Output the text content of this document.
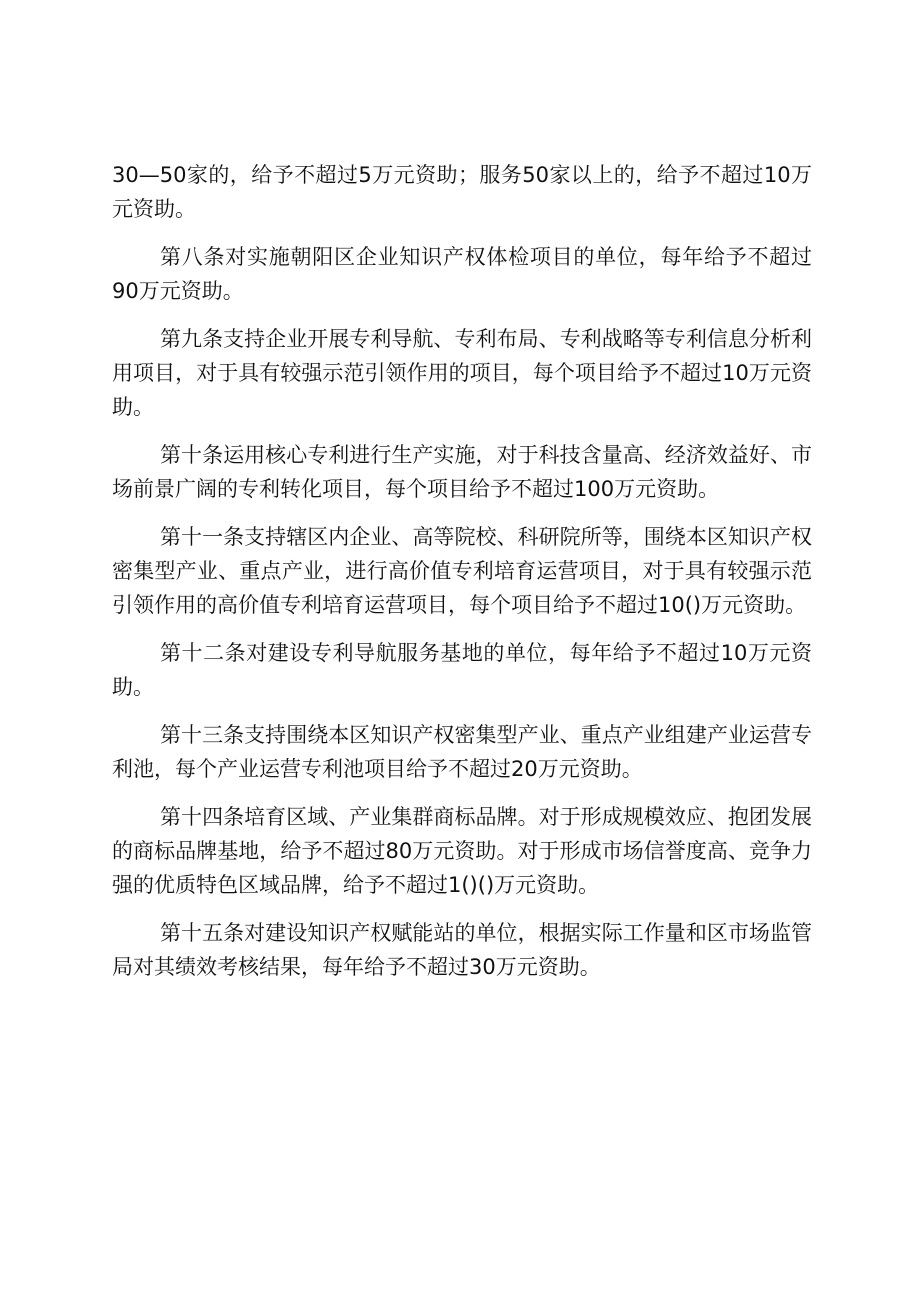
30—50家的，给予不超过5万元资助；服务50家以上的，给予不超过10万元资助。

第八条对实施朝阳区企业知识产权体检项目的单位，每年给予不超过90万元资助。

第九条支持企业开展专利导航、专利布局、专利战略等专利信息分析利用项目，对于具有较强示范引领作用的项目，每个项目给予不超过10万元资助。

第十条运用核心专利进行生产实施，对于科技含量高、经济效益好、市场前景广阔的专利转化项目，每个项目给予不超过100万元资助。

第十一条支持辖区内企业、高等院校、科研院所等，围绕本区知识产权密集型产业、重点产业，进行高价值专利培育运营项目，对于具有较强示范引领作用的高价值专利培育运营项目，每个项目给予不超过10()万元资助。

第十二条对建设专利导航服务基地的单位，每年给予不超过10万元资助。

第十三条支持围绕本区知识产权密集型产业、重点产业组建产业运营专利池，每个产业运营专利池项目给予不超过20万元资助。

第十四条培育区域、产业集群商标品牌。对于形成规模效应、抱团发展的商标品牌基地，给予不超过80万元资助。对于形成市场信誉度高、竞争力强的优质特色区域品牌，给予不超过1()()万元资助。

第十五条对建设知识产权赋能站的单位，根据实际工作量和区市场监管局对其绩效考核结果，每年给予不超过30万元资助。
